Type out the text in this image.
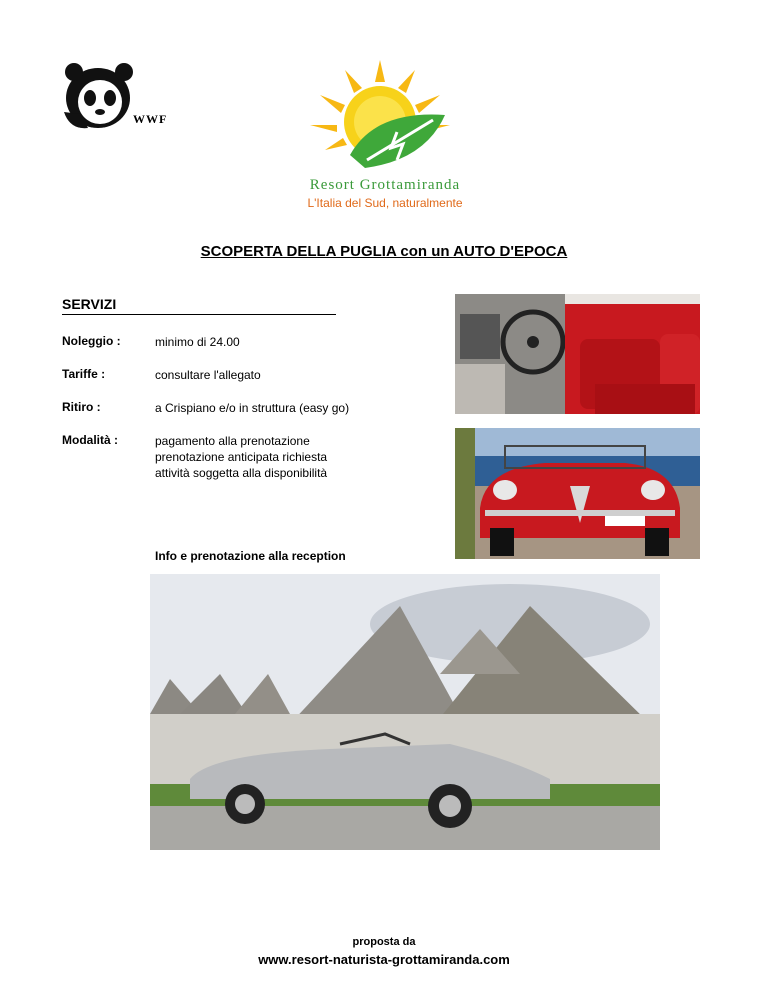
WWF
Resort Grottamiranda
L'Italia del Sud, naturalmente
SCOPERTA DELLA PUGLIA con un AUTO D'EPOCA
SERVIZI
Noleggio :	minimo di 24.00
Tariffe :	consultare l'allegato
Ritiro :	a Crispiano e/o in struttura (easy go)
Modalità :	pagamento alla prenotazione
prenotazione anticipata richiesta
attività soggetta alla disponibilità
Info e prenotazione alla reception
proposta da
www.resort-naturista-grottamiranda.com
